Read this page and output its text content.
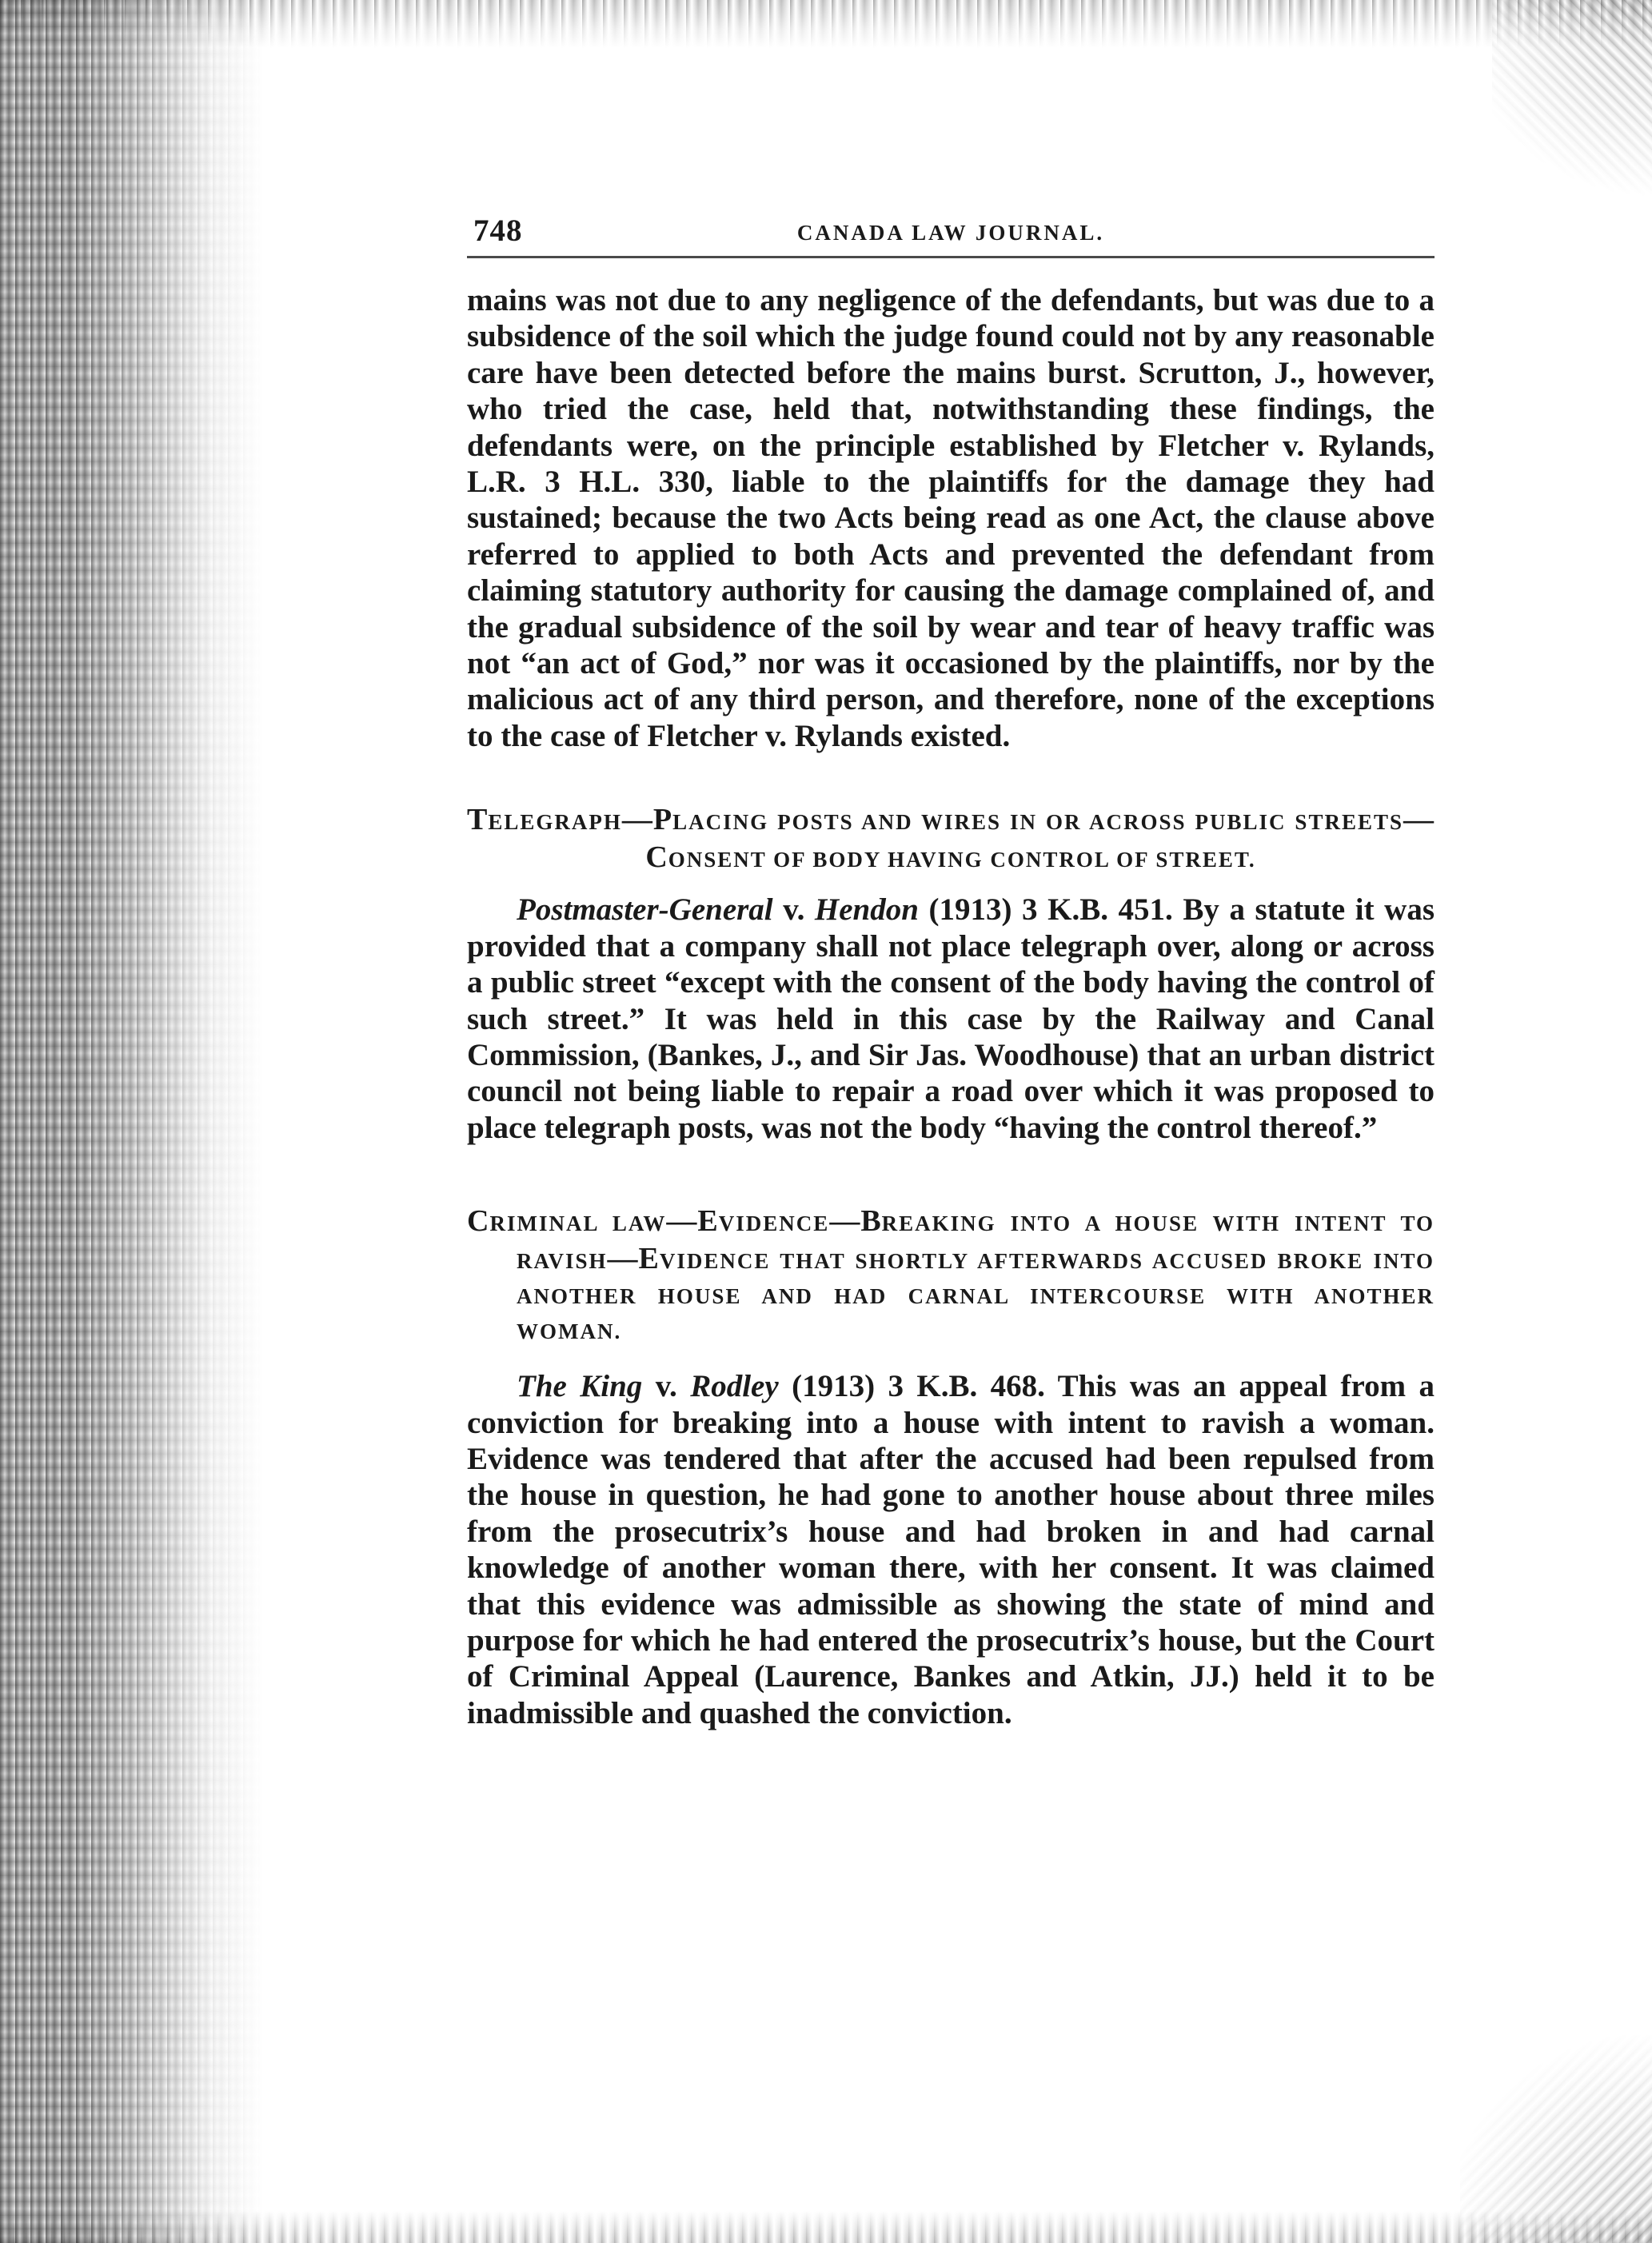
748	CANADA LAW JOURNAL.

mains was not due to any negligence of the defendants, but was due to a subsidence of the soil which the judge found could not by any reasonable care have been detected before the mains burst. Scrutton, J., however, who tried the case, held that, notwithstanding these findings, the defendants were, on the principle established by Fletcher v. Rylands, L.R. 3 H.L. 330, liable to the plaintiffs for the damage they had sustained; because the two Acts being read as one Act, the clause above referred to applied to both Acts and prevented the defendant from claiming statutory authority for causing the damage complained of, and the gradual subsidence of the soil by wear and tear of heavy traffic was not “an act of God,” nor was it occasioned by the plaintiffs, nor by the malicious act of any third person, and therefore, none of the exceptions to the case of Fletcher v. Rylands existed.

TELEGRAPH—PLACING POSTS AND WIRES IN OR ACROSS PUBLIC STREETS—CONSENT OF BODY HAVING CONTROL OF STREET.

Postmaster-General v. Hendon (1913) 3 K.B. 451. By a statute it was provided that a company shall not place telegraph over, along or across a public street “except with the consent of the body having the control of such street.” It was held in this case by the Railway and Canal Commission, (Bankes, J., and Sir Jas. Woodhouse) that an urban district council not being liable to repair a road over which it was proposed to place telegraph posts, was not the body “having the control thereof.”

CRIMINAL LAW—EVIDENCE—BREAKING INTO A HOUSE WITH INTENT TO RAVISH—EVIDENCE THAT SHORTLY AFTERWARDS ACCUSED BROKE INTO ANOTHER HOUSE AND HAD CARNAL INTERCOURSE WITH ANOTHER WOMAN.

The King v. Rodley (1913) 3 K.B. 468. This was an appeal from a conviction for breaking into a house with intent to ravish a woman. Evidence was tendered that after the accused had been repulsed from the house in question, he had gone to another house about three miles from the prosecutrix’s house and had broken in and had carnal knowledge of another woman there, with her consent. It was claimed that this evidence was admissible as showing the state of mind and purpose for which he had entered the prosecutrix’s house, but the Court of Criminal Appeal (Laurence, Bankes and Atkin, JJ.) held it to be inadmissible and quashed the conviction.
